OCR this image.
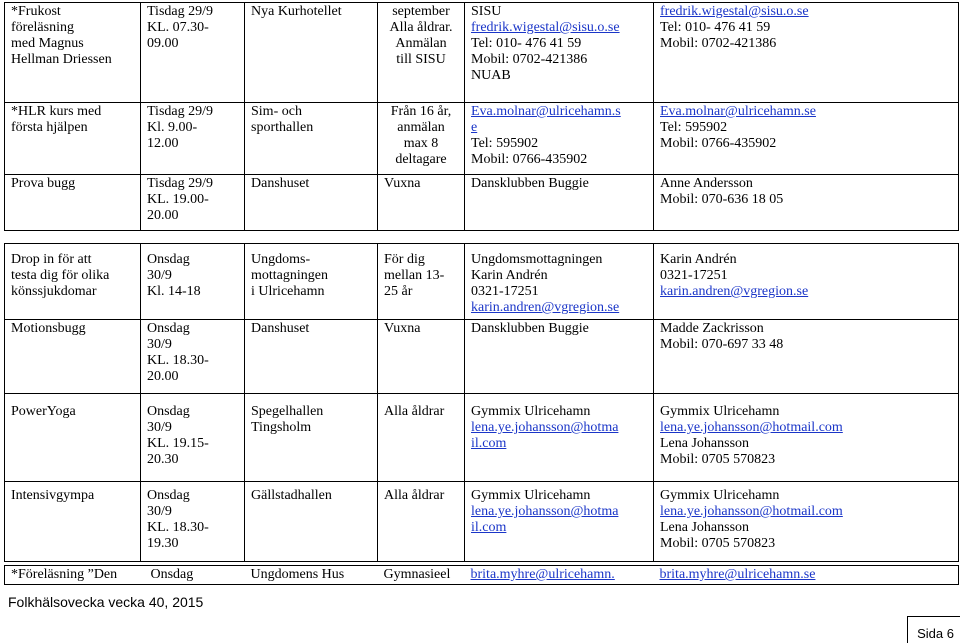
*Frukost
föreläsning
med Magnus
Hellman Driessen	Tisdag 29/9
KL. 07.30-
09.00	Nya Kurhotellet	september
Alla åldrar.
Anmälan
till SISU	SISU
fredrik.wigestal@sisu.o.se
Tel: 010- 476 41 59
Mobil: 0702-421386
NUAB	fredrik.wigestal@sisu.o.se
Tel: 010- 476 41 59
Mobil: 0702-421386
*HLR kurs med
första hjälpen	Tisdag 29/9
Kl. 9.00-
12.00	Sim- och
sporthallen	Från 16 år,
anmälan
max 8
deltagare	Eva.molnar@ulricehamn.s
e
Tel: 595902
Mobil: 0766-435902	Eva.molnar@ulricehamn.se
Tel: 595902
Mobil: 0766-435902
Prova bugg	Tisdag 29/9
KL. 19.00-
20.00	Danshuset	Vuxna	Dansklubben Buggie	Anne Andersson
Mobil: 070-636 18 05
Drop in för att
testa dig för olika
könssjukdomar	Onsdag
30/9
Kl. 14-18	Ungdoms-
mottagningen
i Ulricehamn	För dig
mellan 13-
25 år	Ungdomsmottagningen
Karin Andrén
0321-17251
karin.andren@vgregion.se	Karin Andrén
0321-17251
karin.andren@vgregion.se

Motionsbugg	Onsdag
30/9
KL. 18.30-
20.00	Danshuset	Vuxna	Dansklubben Buggie	Madde Zackrisson
Mobil: 070-697 33 48
PowerYoga	Onsdag
30/9
KL. 19.15-
20.30	Spegelhallen
Tingsholm	Alla åldrar	Gymmix Ulricehamn
lena.ye.johansson@hotma
il.com	Gymmix Ulricehamn
lena.ye.johansson@hotmail.com
Lena Johansson
Mobil: 0705 570823
Intensivgympa	Onsdag
30/9
KL. 18.30-
19.30	Gällstadhallen	Alla åldrar	Gymmix Ulricehamn
lena.ye.johansson@hotma
il.com	Gymmix Ulricehamn
lena.ye.johansson@hotmail.com
Lena Johansson
Mobil: 0705 570823
*Föreläsning ”Den	Onsdag	Ungdomens Hus	Gymnasieel	brita.myhre@ulricehamn.	brita.myhre@ulricehamn.se
Folkhälsovecka vecka 40, 2015
Sida 6
